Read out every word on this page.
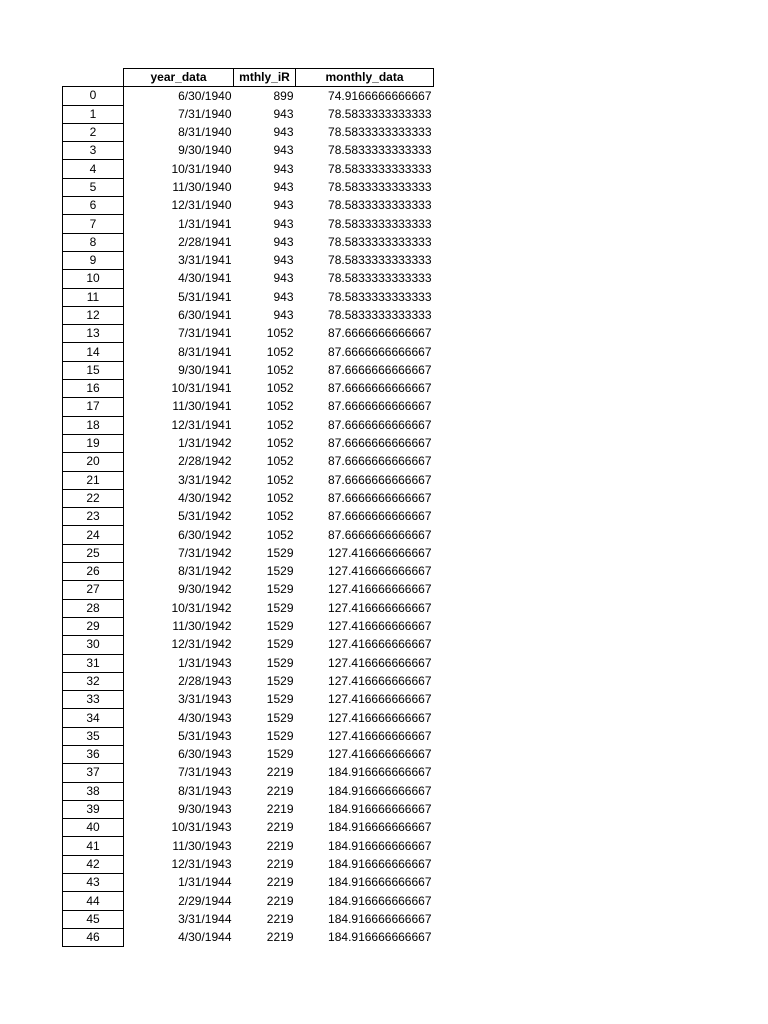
	year_data	mthly_iR	monthly_data
0	6/30/1940	899	74.9166666666667
1	7/31/1940	943	78.5833333333333
2	8/31/1940	943	78.5833333333333
3	9/30/1940	943	78.5833333333333
4	10/31/1940	943	78.5833333333333
5	11/30/1940	943	78.5833333333333
6	12/31/1940	943	78.5833333333333
7	1/31/1941	943	78.5833333333333
8	2/28/1941	943	78.5833333333333
9	3/31/1941	943	78.5833333333333
10	4/30/1941	943	78.5833333333333
11	5/31/1941	943	78.5833333333333
12	6/30/1941	943	78.5833333333333
13	7/31/1941	1052	87.6666666666667
14	8/31/1941	1052	87.6666666666667
15	9/30/1941	1052	87.6666666666667
16	10/31/1941	1052	87.6666666666667
17	11/30/1941	1052	87.6666666666667
18	12/31/1941	1052	87.6666666666667
19	1/31/1942	1052	87.6666666666667
20	2/28/1942	1052	87.6666666666667
21	3/31/1942	1052	87.6666666666667
22	4/30/1942	1052	87.6666666666667
23	5/31/1942	1052	87.6666666666667
24	6/30/1942	1052	87.6666666666667
25	7/31/1942	1529	127.416666666667
26	8/31/1942	1529	127.416666666667
27	9/30/1942	1529	127.416666666667
28	10/31/1942	1529	127.416666666667
29	11/30/1942	1529	127.416666666667
30	12/31/1942	1529	127.416666666667
31	1/31/1943	1529	127.416666666667
32	2/28/1943	1529	127.416666666667
33	3/31/1943	1529	127.416666666667
34	4/30/1943	1529	127.416666666667
35	5/31/1943	1529	127.416666666667
36	6/30/1943	1529	127.416666666667
37	7/31/1943	2219	184.916666666667
38	8/31/1943	2219	184.916666666667
39	9/30/1943	2219	184.916666666667
40	10/31/1943	2219	184.916666666667
41	11/30/1943	2219	184.916666666667
42	12/31/1943	2219	184.916666666667
43	1/31/1944	2219	184.916666666667
44	2/29/1944	2219	184.916666666667
45	3/31/1944	2219	184.916666666667
46	4/30/1944	2219	184.916666666667
